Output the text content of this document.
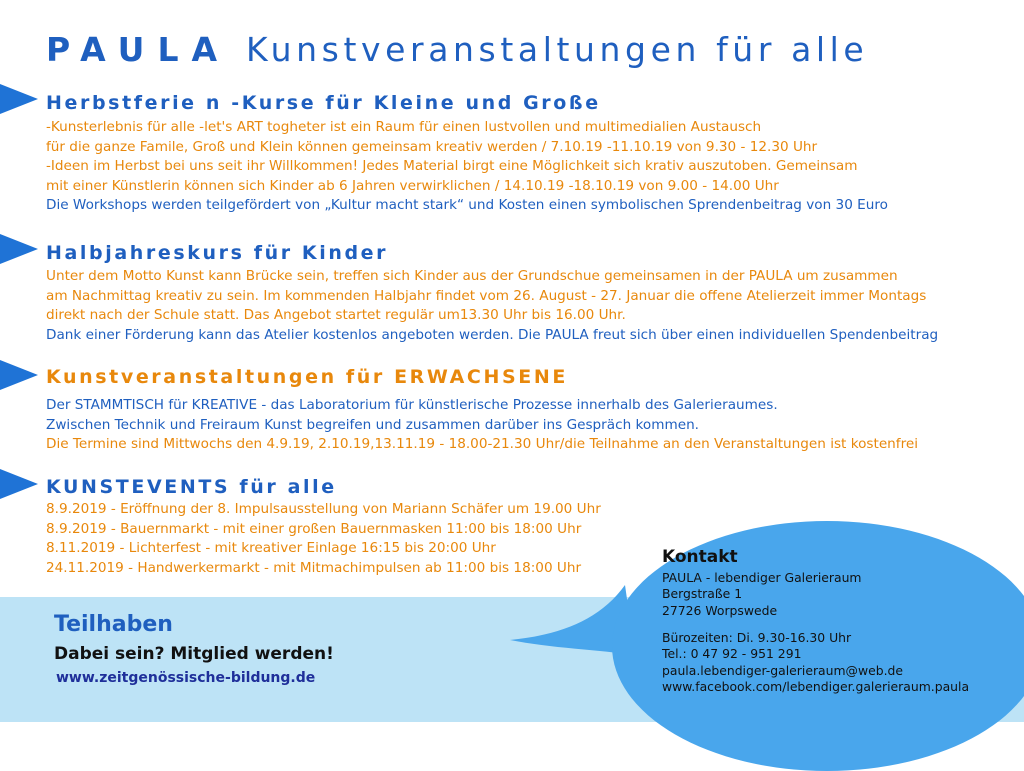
PAULA Kunstveranstaltungen für alle
Herbstferie n -Kurse für Kleine und Große
-Kunsterlebnis für alle -let's ART togheter ist ein Raum für einen lustvollen und multimedialien Austausch
für die ganze Famile, Groß und Klein können gemeinsam kreativ werden / 7.10.19 -11.10.19 von 9.30 - 12.30 Uhr
-Ideen im Herbst bei uns seit ihr Willkommen! Jedes Material birgt eine Möglichkeit sich krativ auszutoben. Gemeinsam
mit einer Künstlerin können sich Kinder ab 6 Jahren verwirklichen / 14.10.19 -18.10.19 von 9.00 - 14.00 Uhr
Die Workshops werden teilgefördert von „Kultur macht stark“ und Kosten einen symbolischen Sprendenbeitrag von 30 Euro
Halbjahreskurs für Kinder
Unter dem Motto Kunst kann Brücke sein, treffen sich Kinder aus der Grundschue gemeinsamen in der PAULA um zusammen
am Nachmittag kreativ zu sein. Im kommenden Halbjahr findet vom 26. August - 27. Januar die offene Atelierzeit immer Montags
direkt nach der Schule statt. Das Angebot startet regulär um13.30 Uhr bis 16.00 Uhr.
Dank einer Förderung kann das Atelier kostenlos angeboten werden. Die PAULA freut sich über einen individuellen Spendenbeitrag
Kunstveranstaltungen für ERWACHSENE
Der STAMMTISCH für KREATIVE - das Laboratorium für künstlerische Prozesse innerhalb des Galerieraumes.
Zwischen Technik und Freiraum Kunst begreifen und zusammen darüber ins Gespräch kommen.
Die Termine sind Mittwochs den 4.9.19, 2.10.19,13.11.19 - 18.00-21.30 Uhr/die Teilnahme an den Veranstaltungen ist kostenfrei
KUNSTEVENTS für alle
8.9.2019 - Eröffnung der 8. Impulsausstellung von Mariann Schäfer um 19.00 Uhr
8.9.2019 - Bauernmarkt - mit einer großen Bauernmasken 11:00 bis 18:00 Uhr
8.11.2019 - Lichterfest - mit kreativer Einlage 16:15 bis 20:00 Uhr
24.11.2019 - Handwerkermarkt - mit Mitmachimpulsen ab 11:00 bis 18:00 Uhr
Teilhaben
Dabei sein? Mitglied werden!
www.zeitgenössische-bildung.de
Kontakt
PAULA - lebendiger Galerieraum
Bergstraße 1
27726 Worpswede
Bürozeiten: Di. 9.30-16.30 Uhr
Tel.: 0 47 92 - 951 291
paula.lebendiger-galerieraum@web.de
www.facebook.com/lebendiger.galerieraum.paula
